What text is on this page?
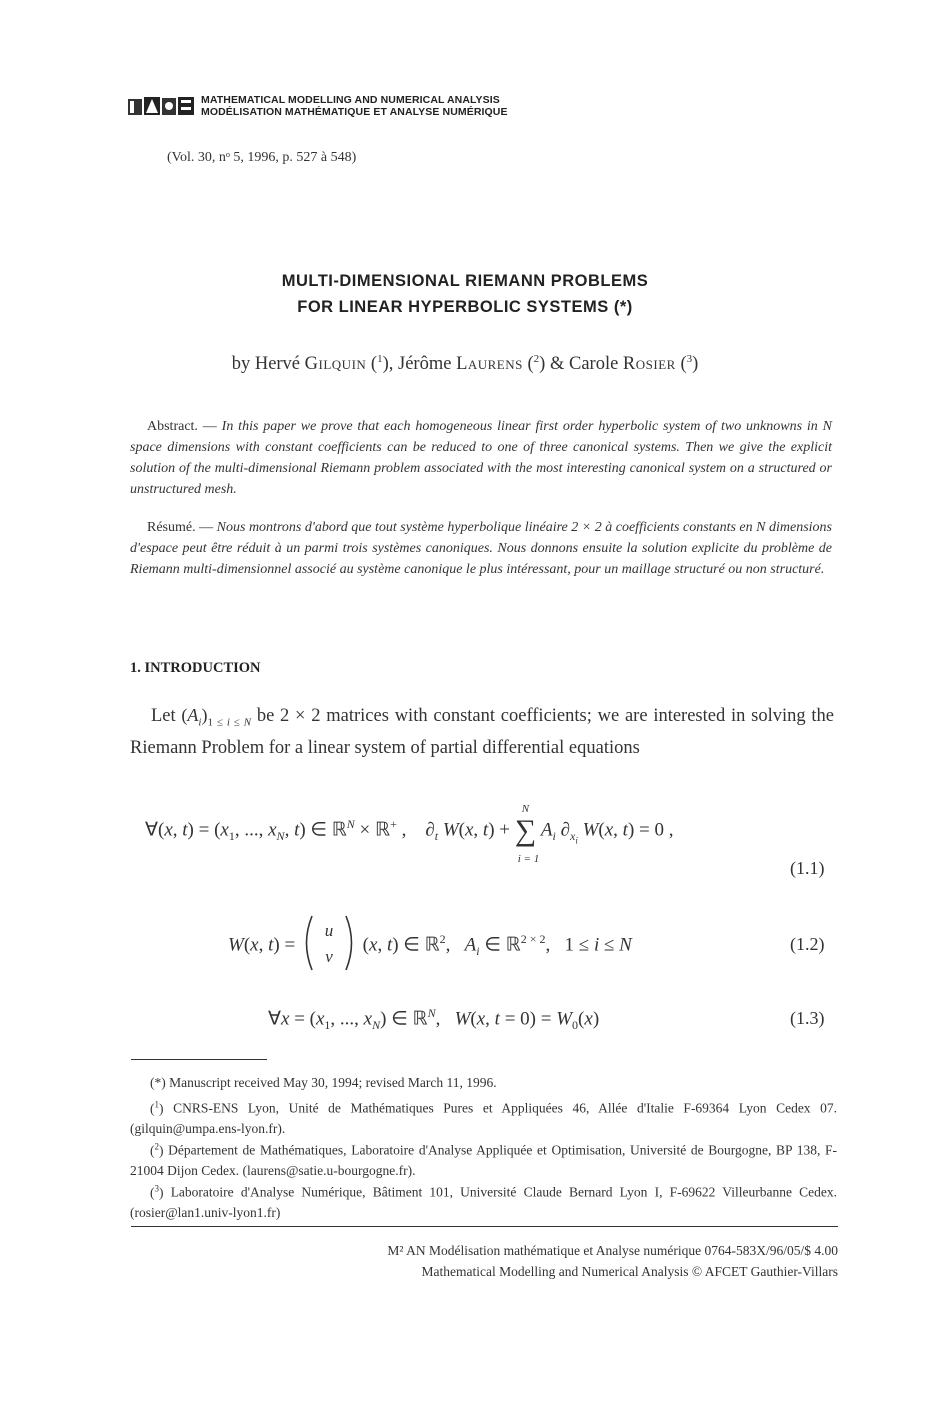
MATHEMATICAL MODELLING AND NUMERICAL ANALYSIS
MODÉLISATION MATHÉMATIQUE ET ANALYSE NUMÉRIQUE
(Vol. 30, nᵒ 5, 1996, p. 527 à 548)
MULTI-DIMENSIONAL RIEMANN PROBLEMS
FOR LINEAR HYPERBOLIC SYSTEMS (*)
by Hervé Gilquin ($^1$), Jérôme Laurens ($^2$) & Carole Rosier ($^3$)
Abstract. — In this paper we prove that each homogeneous linear first order hyperbolic system of two unknowns in N space dimensions with constant coefficients can be reduced to one of three canonical systems. Then we give the explicit solution of the multi-dimensional Riemann problem associated with the most interesting canonical system on a structured or unstructured mesh.
Résumé. — Nous montrons d'abord que tout système hyperbolique linéaire 2 × 2 à coefficients constants en N dimensions d'espace peut être réduit à un parmi trois systèmes canoniques. Nous donnons ensuite la solution explicite du problème de Riemann multi-dimensionnel associé au système canonique le plus intéressant, pour un maillage structuré ou non structuré.
1. INTRODUCTION
Let $(A_i)_{1 \le i \le N}$ be 2 × 2 matrices with constant coefficients; we are interested in solving the Riemann Problem for a linear system of partial differential equations
∀(x, $t) = (x_1$, ..., $x_N$, t) ∈ ℝ$^N$ × ℝ+ ,    $\partial_t$ W(x, t) + ∑
N
i = 1
$A_i$ $\partial_{x_i}$ W(x, t) = 0 ,
(1.1)
W(x, t) =
u
v
(x, t) ∈ ℝ$^2$,   $A_i$ ∈ ℝ$^{2 \times 2}$,   1 ≤ i ≤ N	(1.2)
∀x = ($x_1$, ..., $x_N$) ∈ ℝ$^N$,   W(x, $t = 0) = W_0(x)$	(1.3)
(*) Manuscript received May 30, 1994; revised March 11, 1996.
($^1$) CNRS-ENS Lyon, Unité de Mathématiques Pures et Appliquées 46, Allée d'Italie F-69364 Lyon Cedex 07. (gilquin@umpa.ens-lyon.fr).
($^2$) Département de Mathématiques, Laboratoire d'Analyse Appliquée et Optimisation, Université de Bourgogne, BP 138, F-21004 Dijon Cedex. (laurens@satie.u-bourgogne.fr).
($^3$) Laboratoire d'Analyse Numérique, Bâtiment 101, Université Claude Bernard Lyon I, F-69622 Villeurbanne Cedex. (rosier@lan1.univ-lyon1.fr)
M² AN Modélisation mathématique et Analyse numérique 0764-583X/96/05/$ 4.00
Mathematical Modelling and Numerical Analysis © AFCET Gauthier-Villars
